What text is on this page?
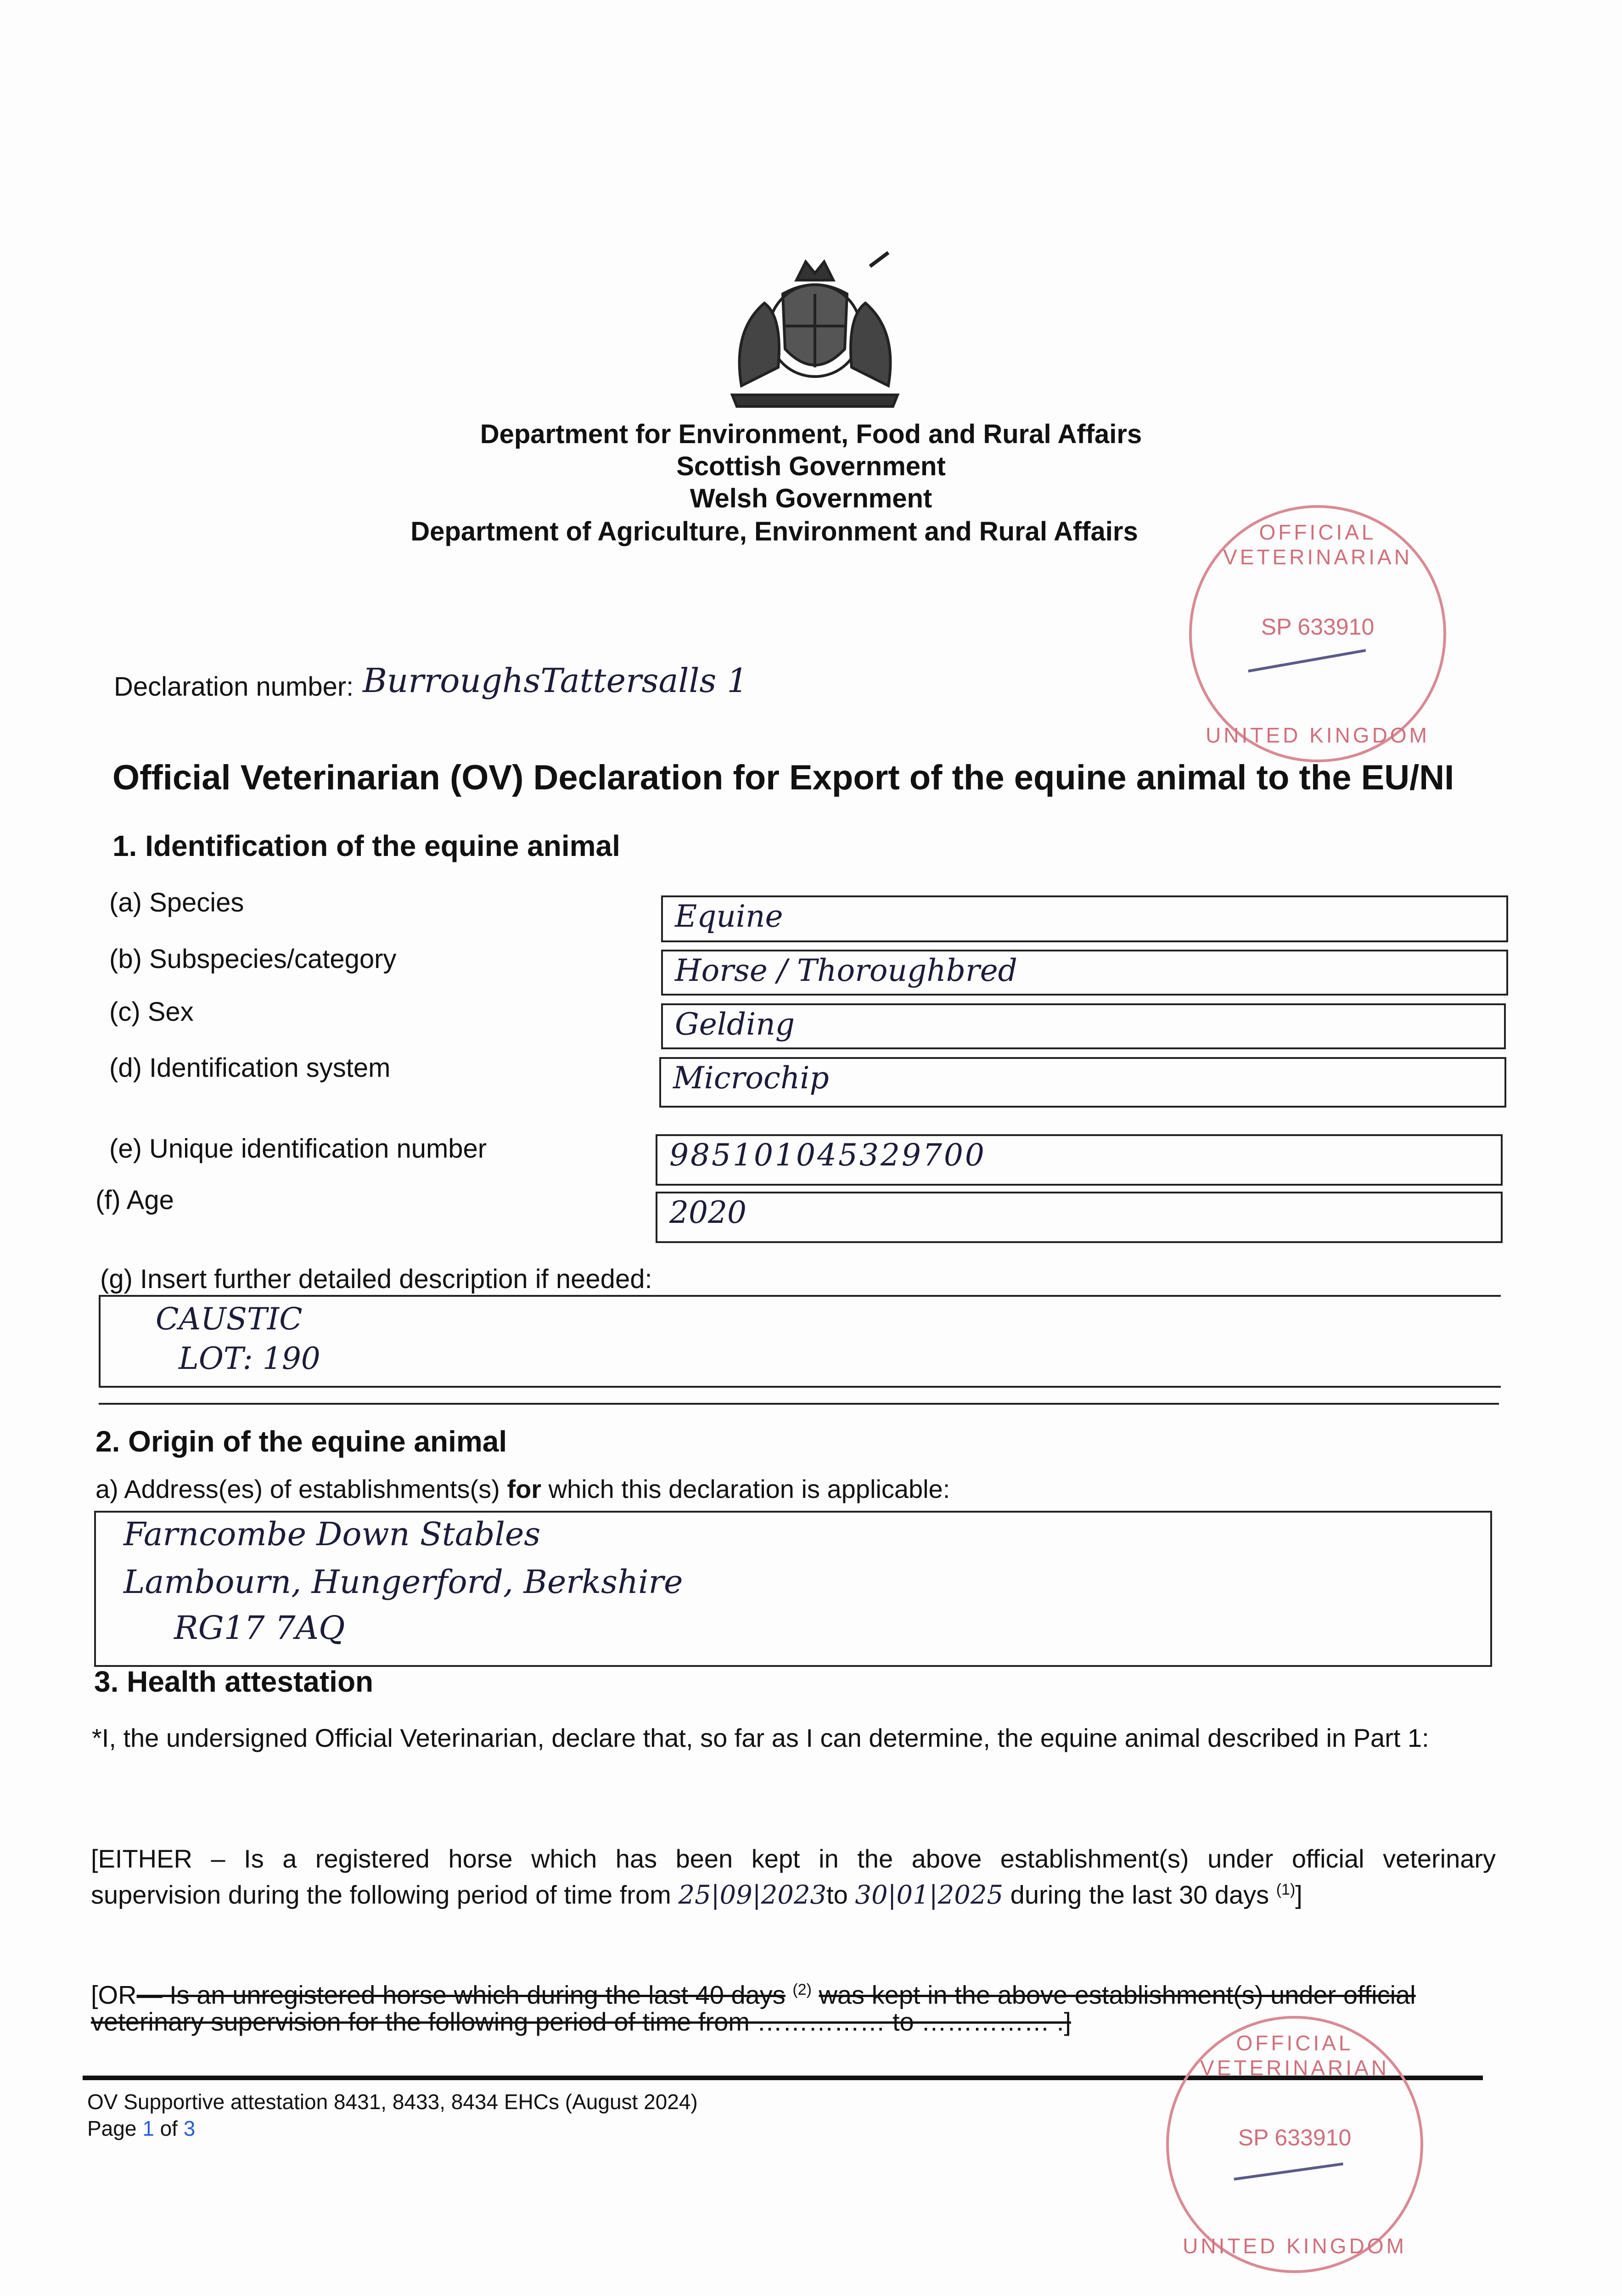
Department for Environment, Food and Rural Affairs
Scottish Government
Welsh Government
Department of Agriculture, Environment and Rural Affairs	OFFICIAL VETERINARIAN
SP 633910
UNITED KINGDOM
Declaration number: BurroughsTattersalls 1
Official Veterinarian (OV) Declaration for Export of the equine animal to the EU/NI
1. Identification of the equine animal
(a) Species	Equine
(b) Subspecies/category	Horse / Thoroughbred
(c) Sex	Gelding
(d) Identification system	Microchip
(e) Unique identification number	985101045329700
(f) Age	2020
(g) Insert further detailed description if needed:
CAUSTIC
LOT: 190
2. Origin of the equine animal
a) Address(es) of establishments(s) for which this declaration is applicable:
Farncombe Down Stables
Lambourn, Hungerford, Berkshire
RG17 7AQ
3. Health attestation
*I, the undersigned Official Veterinarian, declare that, so far as I can determine, the equine animal described in Part 1:
[EITHER – Is a registered horse which has been kept in the above establishment(s) under official veterinary
supervision during the following period of time from 25|09|2023to 30|01|2025 during the last 30 days $^{(1)}$]
[OR— Is an unregistered horse which during the last 40 days $^{(2)}$ was kept in the above establishment(s) under official
veterinary supervision for the following period of time from …………… to …………… .]
OV Supportive attestation 8431, 8433, 8434 EHCs (August 2024)
Page 1 of 3
OFFICIAL VETERINARIAN
SP 633910
UNITED KINGDOM
